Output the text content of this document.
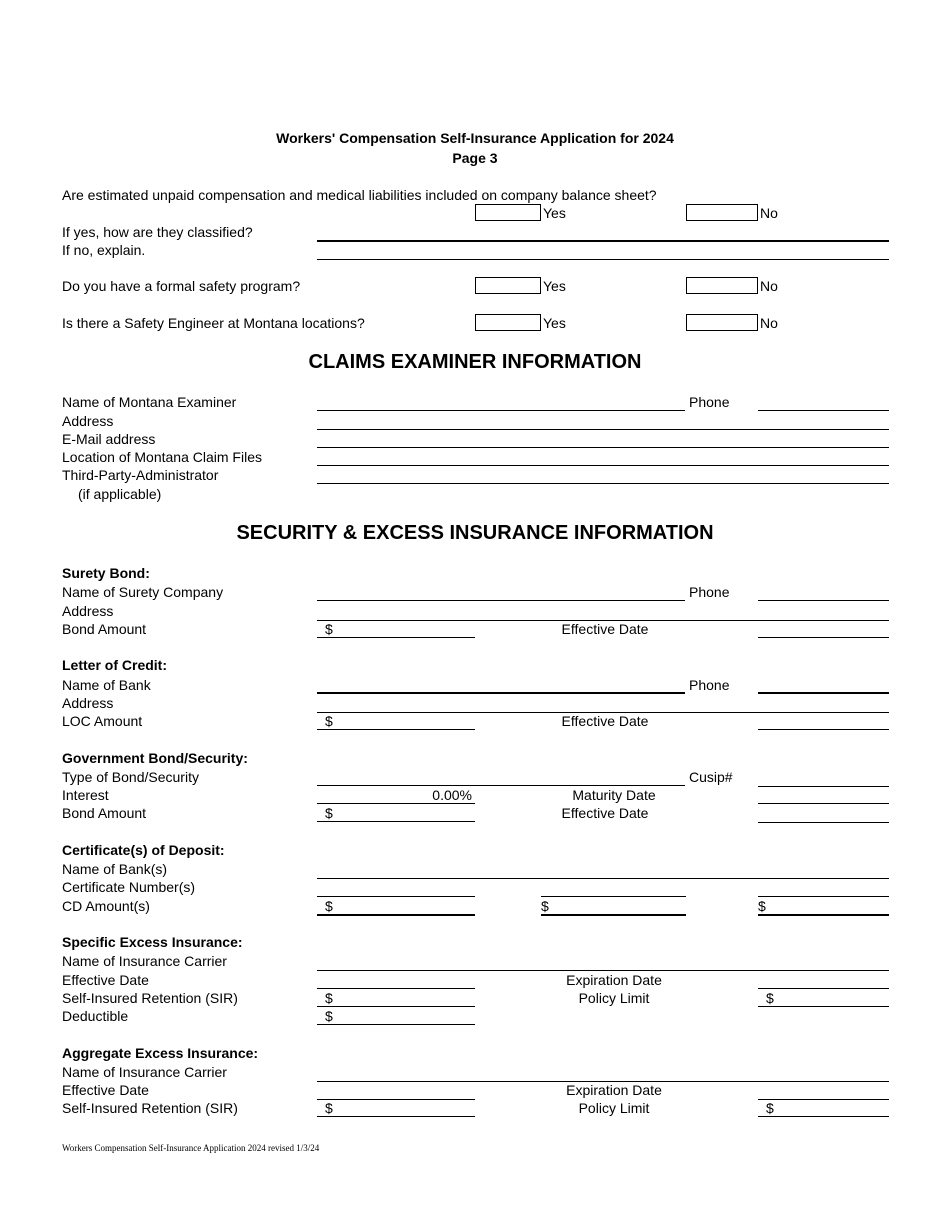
Workers' Compensation Self-Insurance Application for 2024
Page 3
Are estimated unpaid compensation and medical liabilities included on company balance sheet?
Yes	No
If yes, how are they classified?
If no, explain.
Do you have a formal safety program?	Yes	No
Is there a Safety Engineer at Montana locations?	Yes	No
CLAIMS EXAMINER INFORMATION
Name of Montana Examiner	Phone
Address
E-Mail address
Location of Montana Claim Files
Third-Party-Administrator
(if applicable)
SECURITY & EXCESS INSURANCE INFORMATION
Surety Bond:
Name of Surety Company	Phone
Address
Bond Amount	$	Effective Date
Letter of Credit:
Name of Bank	Phone
Address
LOC Amount	$	Effective Date
Government Bond/Security:
Type of Bond/Security	Cusip#
Interest	0.00%	Maturity Date
Bond Amount	$	Effective Date
Certificate(s) of Deposit:
Name of Bank(s)
Certificate Number(s)
CD Amount(s)	$	$	$
Specific Excess Insurance:
Name of Insurance Carrier
Effective Date	Expiration Date
Self-Insured Retention (SIR)	$	Policy Limit	$
Deductible	$
Aggregate Excess Insurance:
Name of Insurance Carrier
Effective Date	Expiration Date
Self-Insured Retention (SIR)	$	Policy Limit	$
Workers Compensation Self-Insurance Application 2024 revised 1/3/24
